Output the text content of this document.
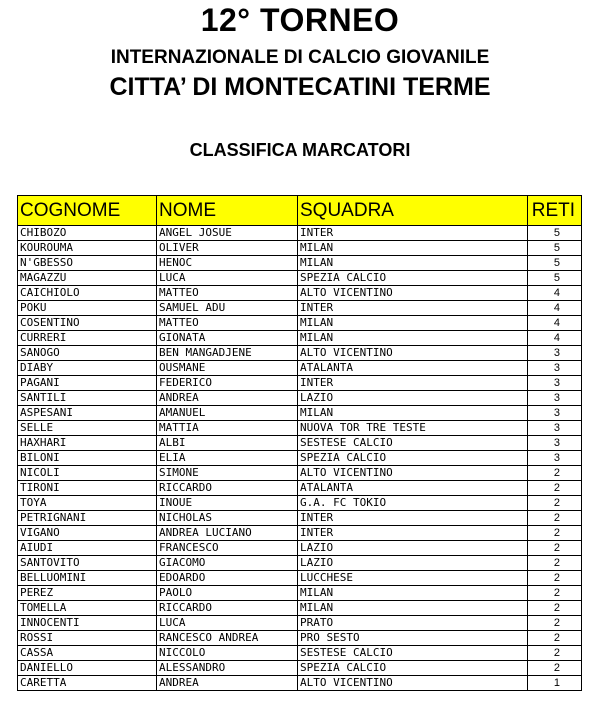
12° TORNEO
INTERNAZIONALE DI CALCIO GIOVANILE
CITTA’ DI MONTECATINI TERME
CLASSIFICA MARCATORI
COGNOME	NOME	SQUADRA	RETI
CHIBOZO	ANGEL JOSUE	INTER	5
KOUROUMA	OLIVER	MILAN	5
N'GBESSO	HENOC	MILAN	5
MAGAZZU	LUCA	SPEZIA CALCIO	5
CAICHIOLO	MATTEO	ALTO VICENTINO	4
POKU	SAMUEL ADU	INTER	4
COSENTINO	MATTEO	MILAN	4
CURRERI	GIONATA	MILAN	4
SANOGO	BEN MANGADJENE	ALTO VICENTINO	3
DIABY	OUSMANE	ATALANTA	3
PAGANI	FEDERICO	INTER	3
SANTILI	ANDREA	LAZIO	3
ASPESANI	AMANUEL	MILAN	3
SELLE	MATTIA	NUOVA TOR TRE TESTE	3
HAXHARI	ALBI	SESTESE CALCIO	3
BILONI	ELIA	SPEZIA CALCIO	3
NICOLI	SIMONE	ALTO VICENTINO	2
TIRONI	RICCARDO	ATALANTA	2
TOYA	INOUE	G.A. FC TOKIO	2
PETRIGNANI	NICHOLAS	INTER	2
VIGANO	ANDREA LUCIANO	INTER	2
AIUDI	FRANCESCO	LAZIO	2
SANTOVITO	GIACOMO	LAZIO	2
BELLUOMINI	EDOARDO	LUCCHESE	2
PEREZ	PAOLO	MILAN	2
TOMELLA	RICCARDO	MILAN	2
INNOCENTI	LUCA	PRATO	2
ROSSI	RANCESCO ANDREA	PRO SESTO	2
CASSA	NICCOLO	SESTESE CALCIO	2
DANIELLO	ALESSANDRO	SPEZIA CALCIO	2
CARETTA	ANDREA	ALTO VICENTINO	1
